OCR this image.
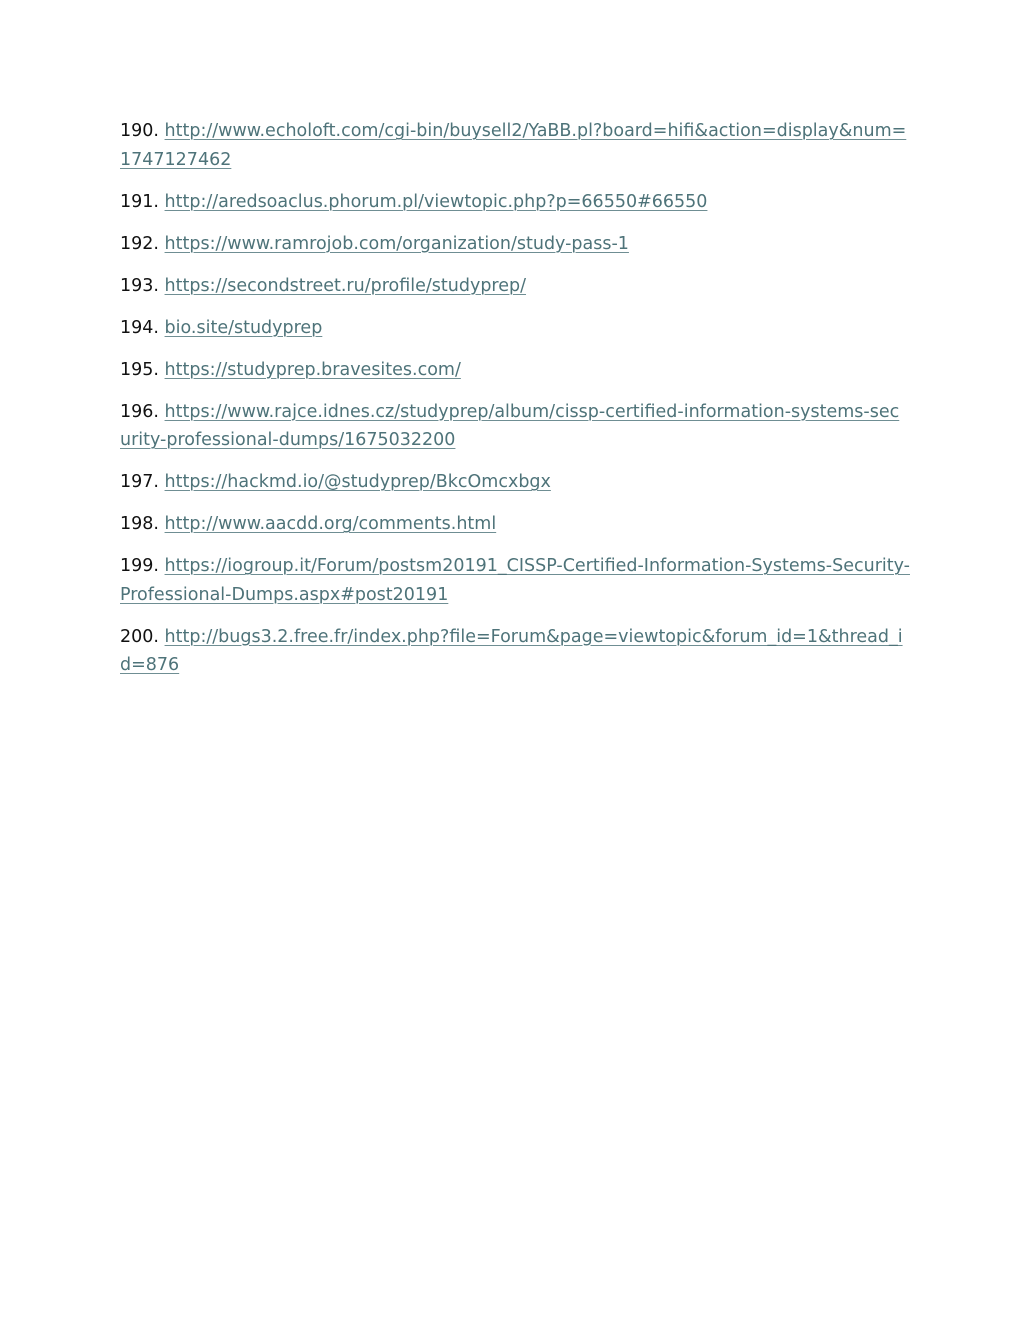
190. http://www.echoloft.com/cgi-bin/buysell2/YaBB.pl?board=hifi&action=display&num=1747127462
191. http://aredsoaclus.phorum.pl/viewtopic.php?p=66550#66550
192. https://www.ramrojob.com/organization/study-pass-1
193. https://secondstreet.ru/profile/studyprep/
194. bio.site/studyprep
195. https://studyprep.bravesites.com/
196. https://www.rajce.idnes.cz/studyprep/album/cissp-certified-information-systems-security-professional-dumps/1675032200
197. https://hackmd.io/@studyprep/BkcOmcxbgx
198. http://www.aacdd.org/comments.html
199. https://iogroup.it/Forum/postsm20191_CISSP-Certified-Information-Systems-Security-Professional-Dumps.aspx#post20191
200. http://bugs3.2.free.fr/index.php?file=Forum&page=viewtopic&forum_id=1&thread_id=876
